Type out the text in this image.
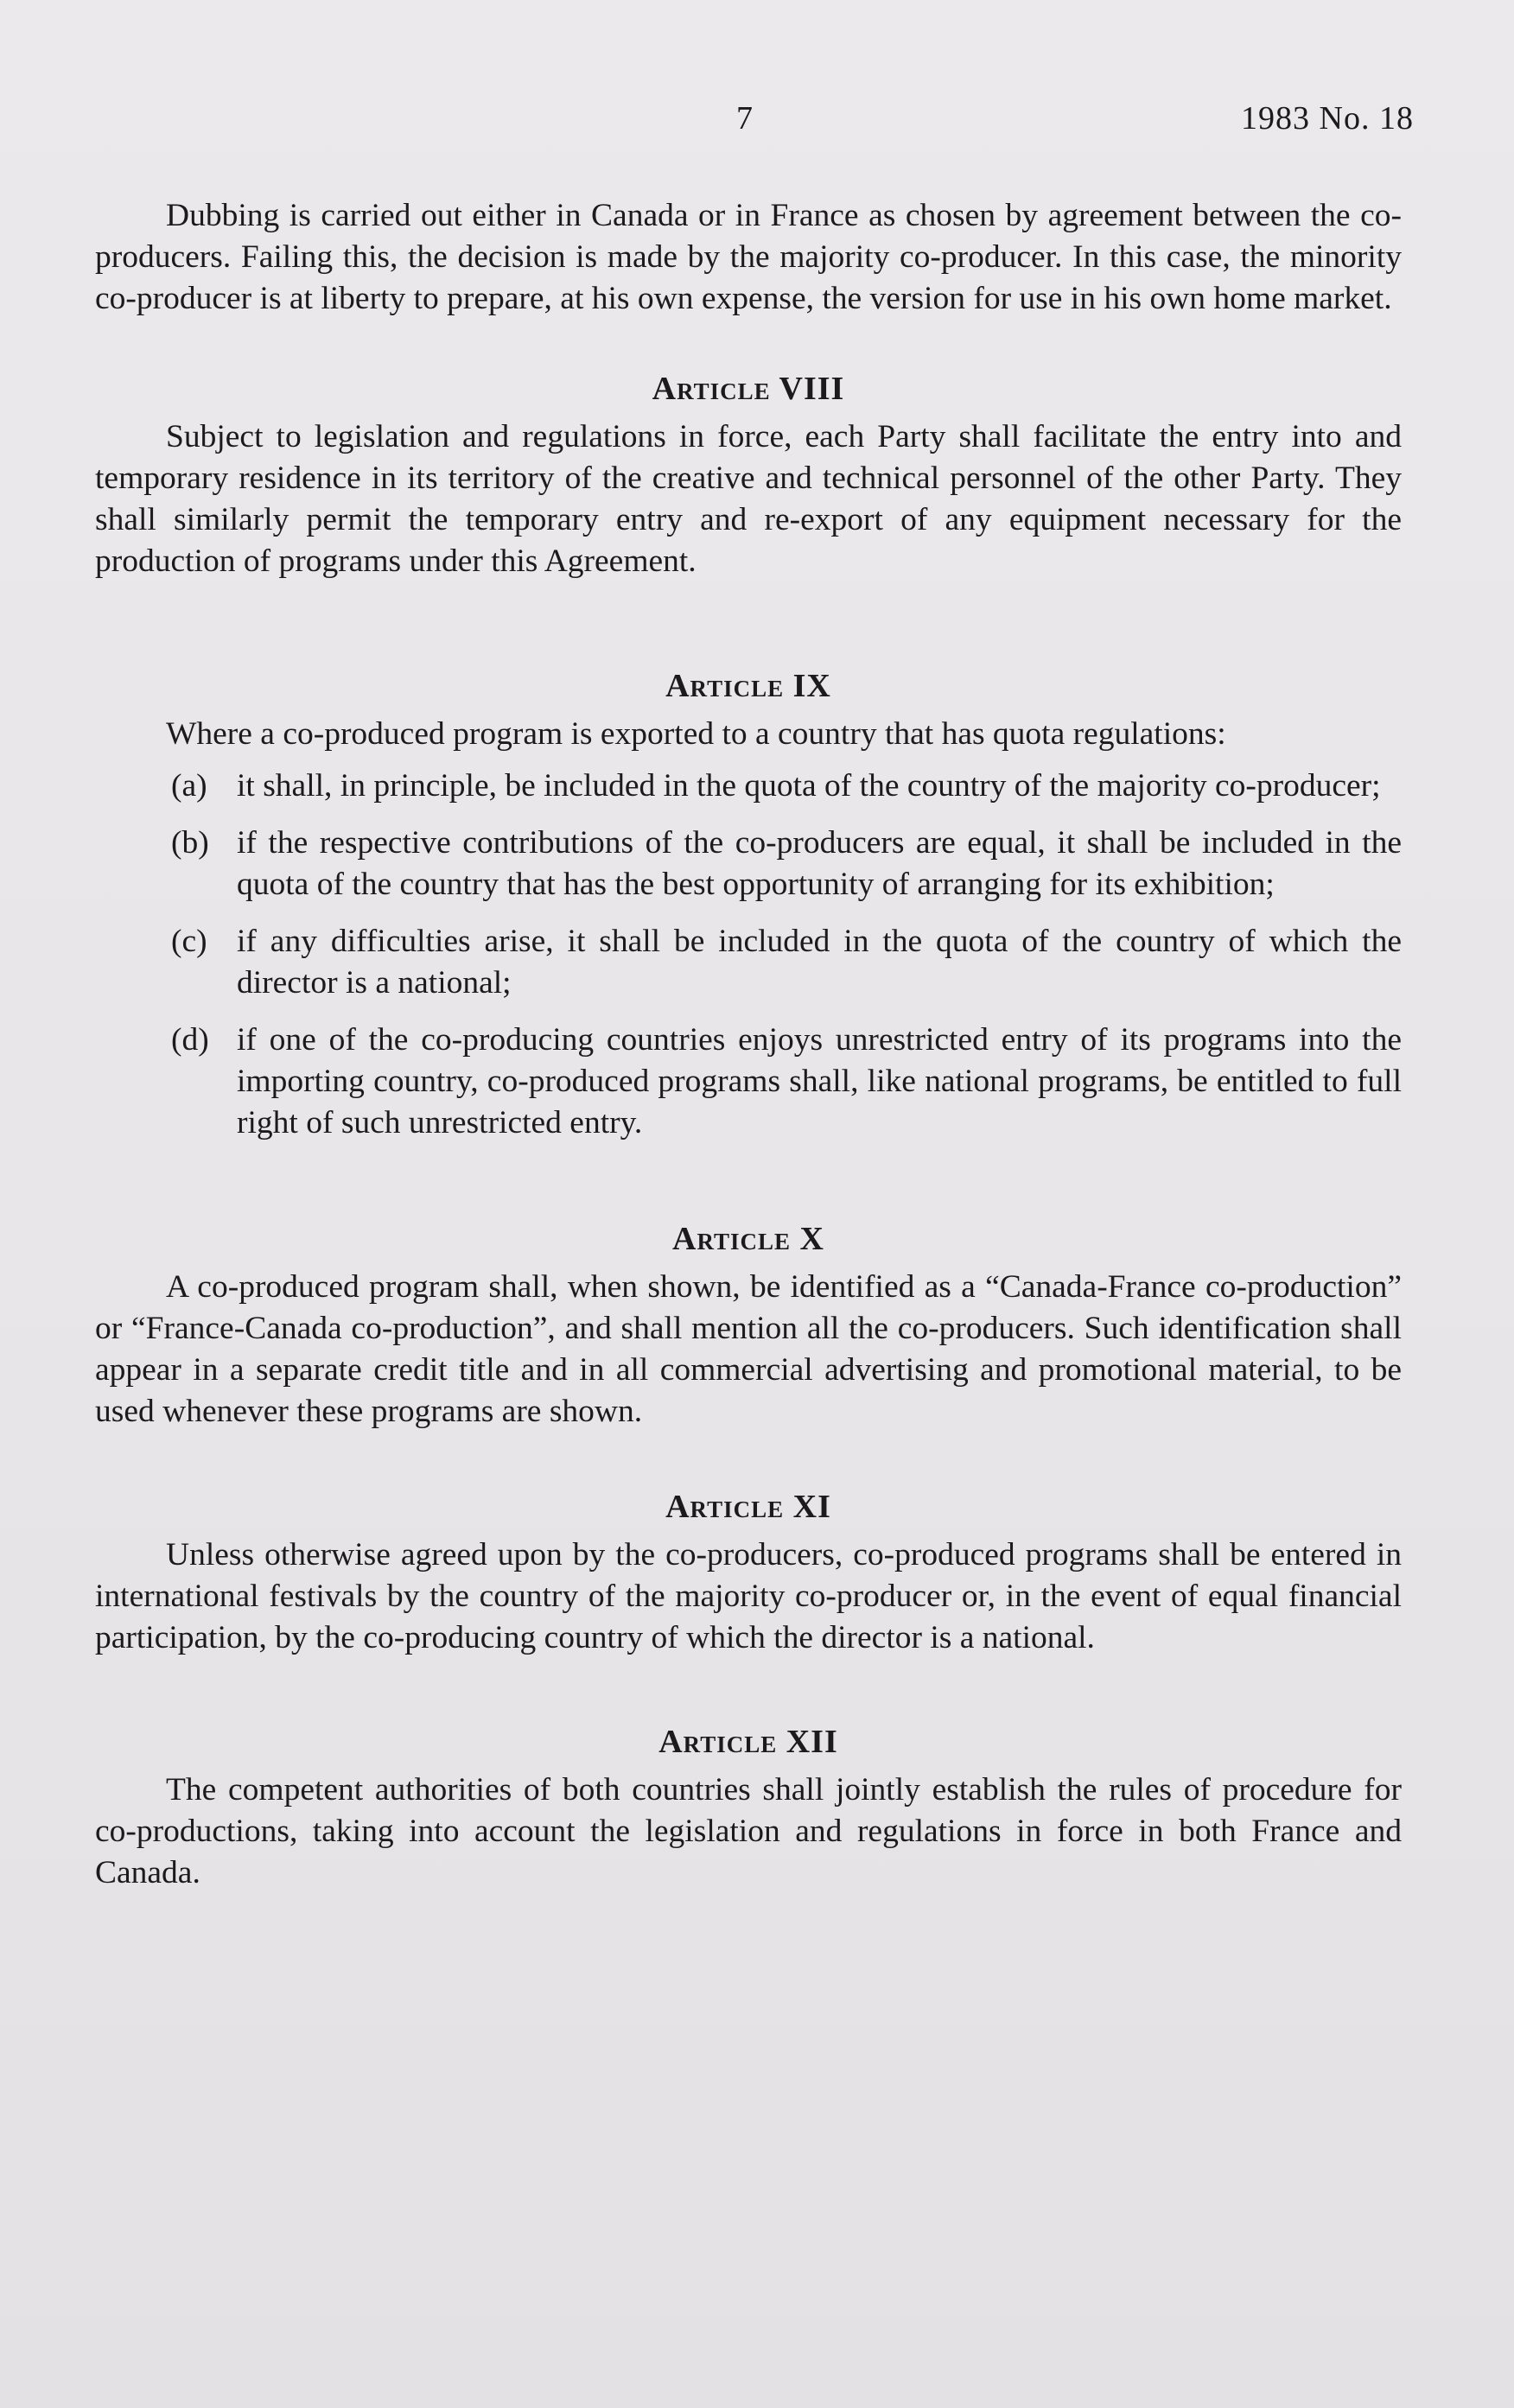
7	1983 No. 18

Dubbing is carried out either in Canada or in France as chosen by agreement between the co-producers. Failing this, the decision is made by the majority co-producer. In this case, the minority co-producer is at liberty to prepare, at his own expense, the version for use in his own home market.

Article VIII

Subject to legislation and regulations in force, each Party shall facilitate the entry into and temporary residence in its territory of the creative and technical personnel of the other Party. They shall similarly permit the temporary entry and re-export of any equipment necessary for the production of programs under this Agreement.

Article IX

Where a co-produced program is exported to a country that has quota regulations:

(a) it shall, in principle, be included in the quota of the country of the majority co-producer;
(b) if the respective contributions of the co-producers are equal, it shall be included in the quota of the country that has the best opportunity of arranging for its exhibition;
(c) if any difficulties arise, it shall be included in the quota of the country of which the director is a national;
(d) if one of the co-producing countries enjoys unrestricted entry of its programs into the importing country, co-produced programs shall, like national programs, be entitled to full right of such unrestricted entry.
Article X

A co-produced program shall, when shown, be identified as a “Canada-France co-production” or “France-Canada co-production”, and shall mention all the co-producers. Such identification shall appear in a separate credit title and in all commercial advertising and promotional material, to be used whenever these programs are shown.

Article XI

Unless otherwise agreed upon by the co-producers, co-produced programs shall be entered in international festivals by the country of the majority co-producer or, in the event of equal financial participation, by the co-producing country of which the director is a national.

Article XII

The competent authorities of both countries shall jointly establish the rules of procedure for co-productions, taking into account the legislation and regulations in force in both France and Canada.
